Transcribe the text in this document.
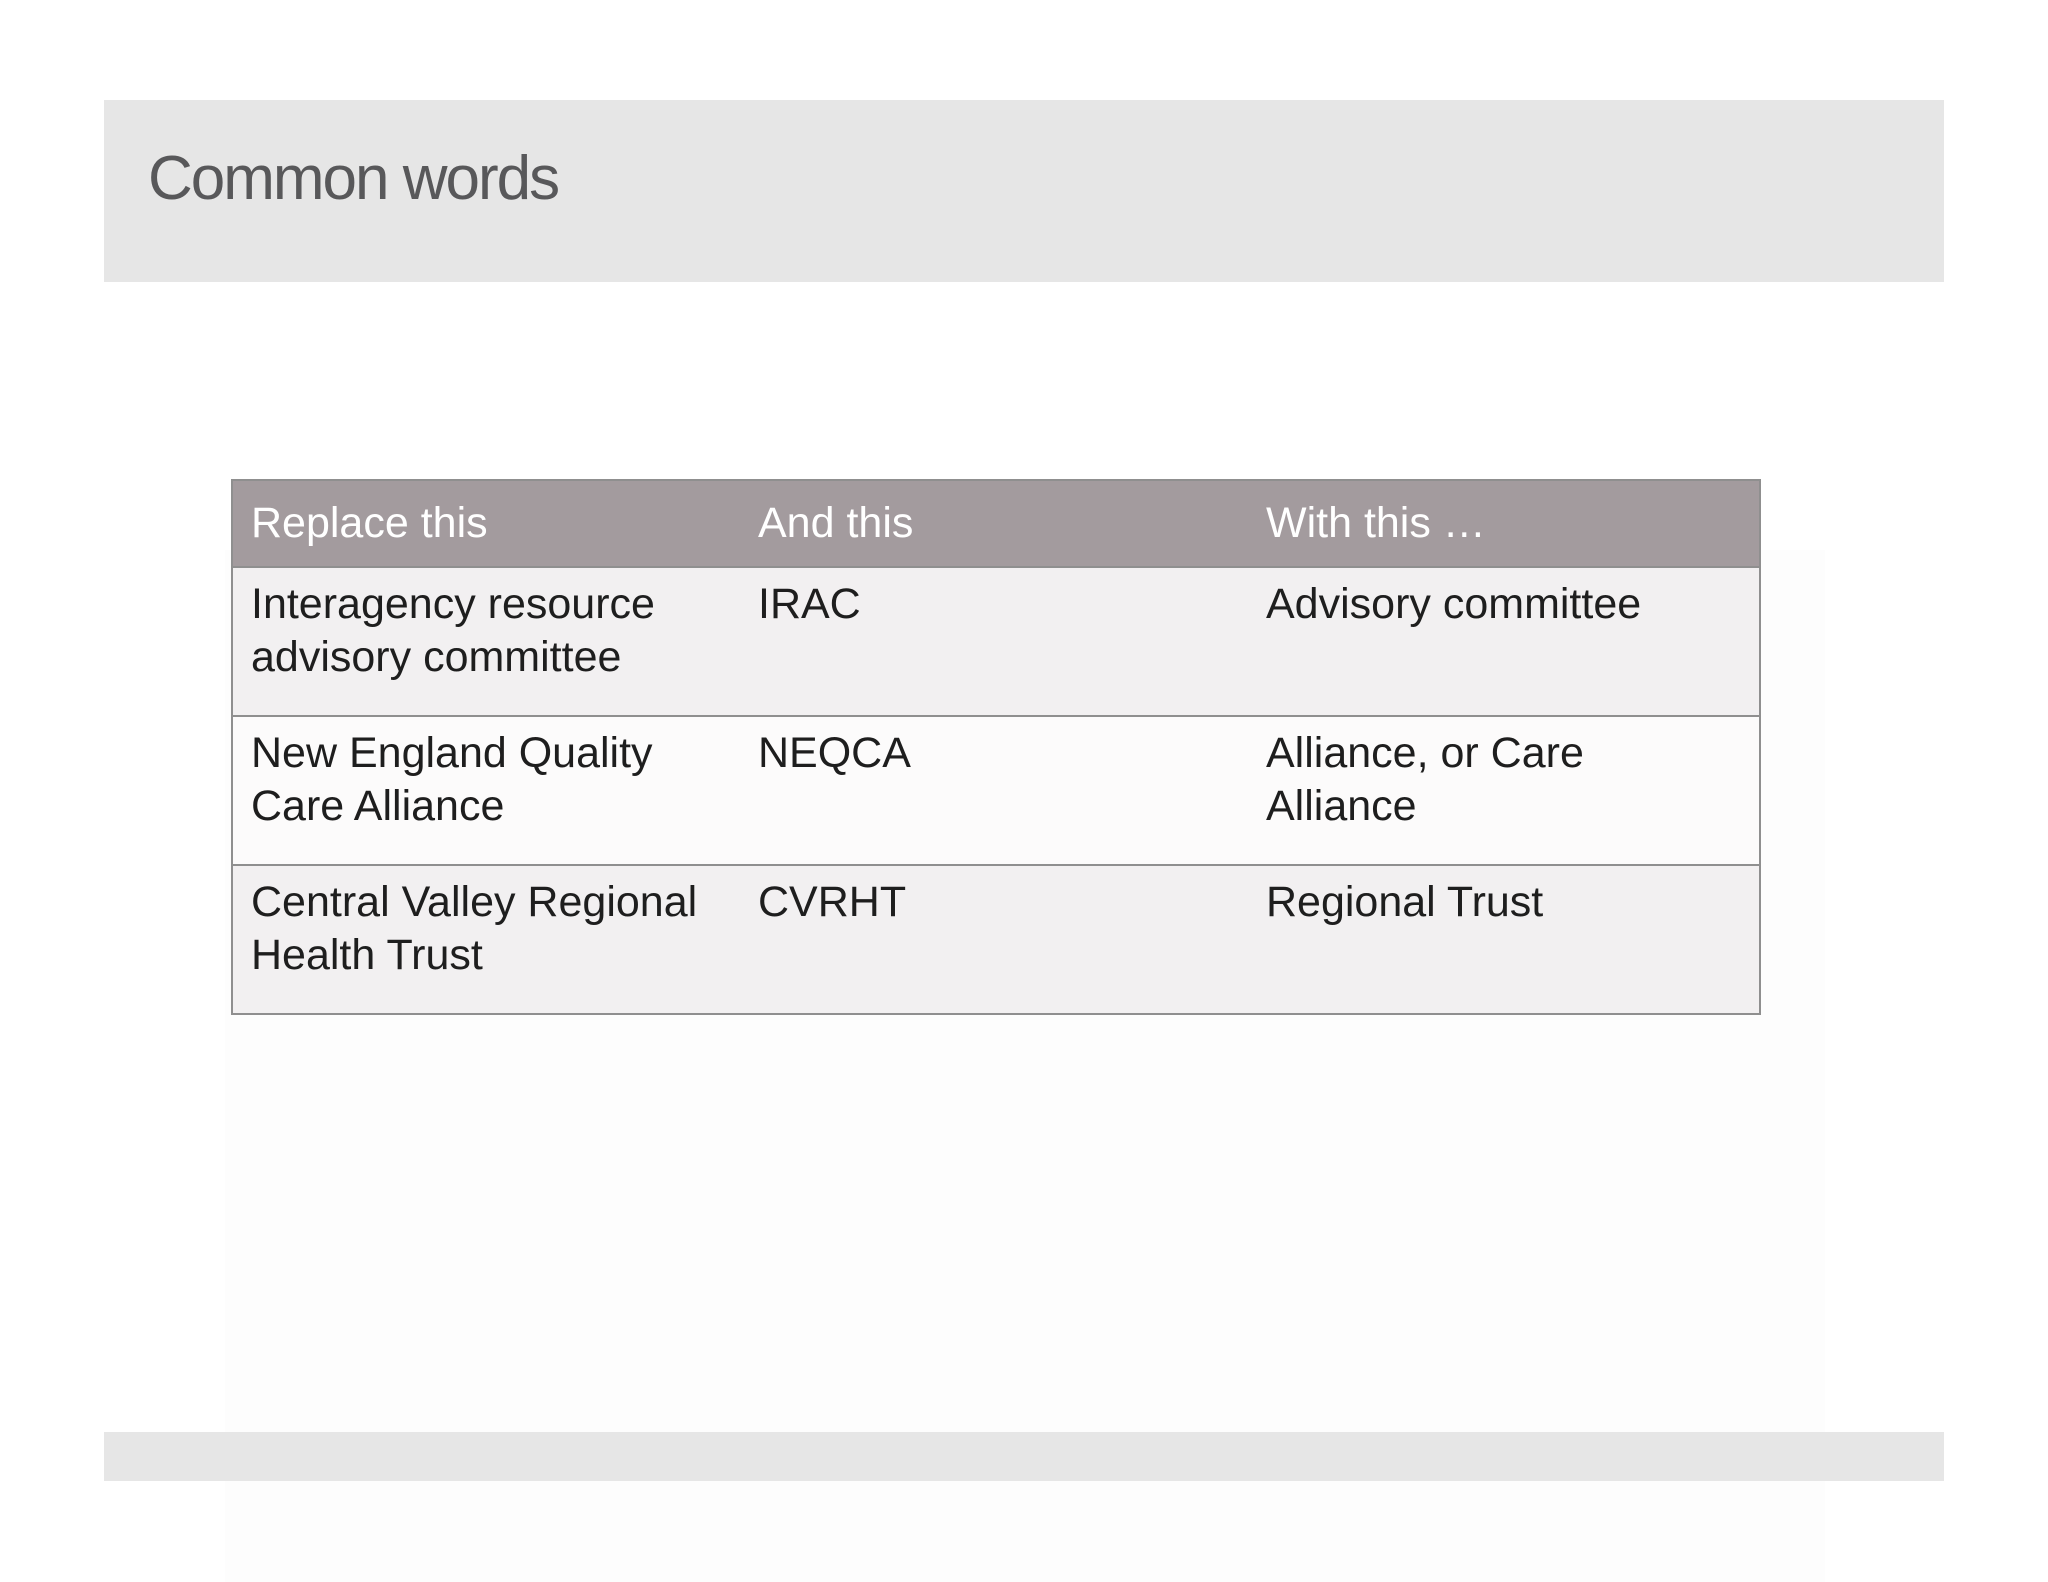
Common words
Replace this	And this	With this …
Interagency resource advisory committee	IRAC	Advisory committee
New England Quality Care Alliance	NEQCA	Alliance, or Care Alliance
Central Valley Regional Health Trust	CVRHT	Regional Trust
